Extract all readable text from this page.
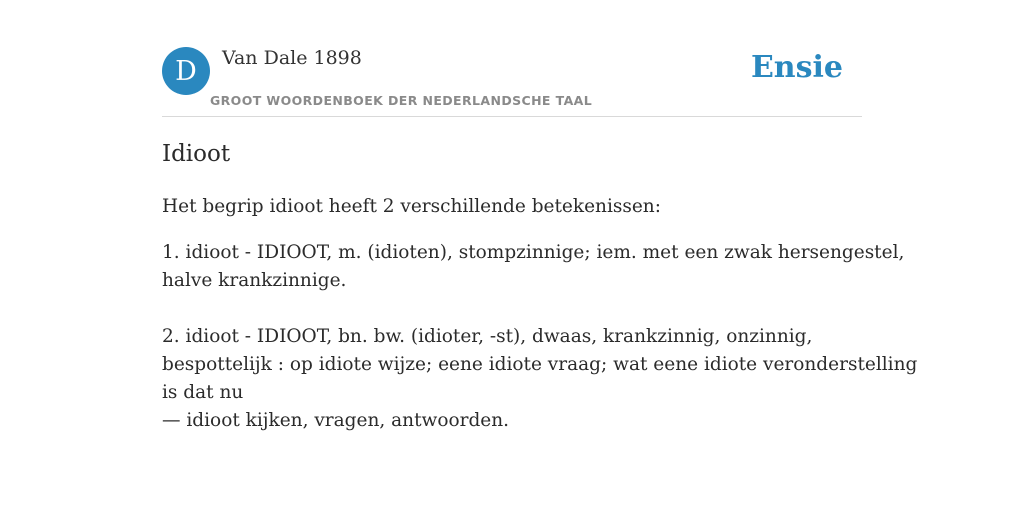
D Van Dale 1898
GROOT WOORDENBOEK DER NEDERLANDSCHE TAAL
Ensie
Idioot

Het begrip idioot heeft 2 verschillende betekenissen:

1. idioot - IDIOOT, m. (idioten), stompzinnige; iem. met een zwak hersengestel,
halve krankzinnige.

2. idioot - IDIOOT, bn. bw. (idioter, -st), dwaas, krankzinnig, onzinnig,
bespottelijk : op idiote wijze; eene idiote vraag; wat eene idiote veronderstelling
is dat nu
— idioot kijken, vragen, antwoorden.
